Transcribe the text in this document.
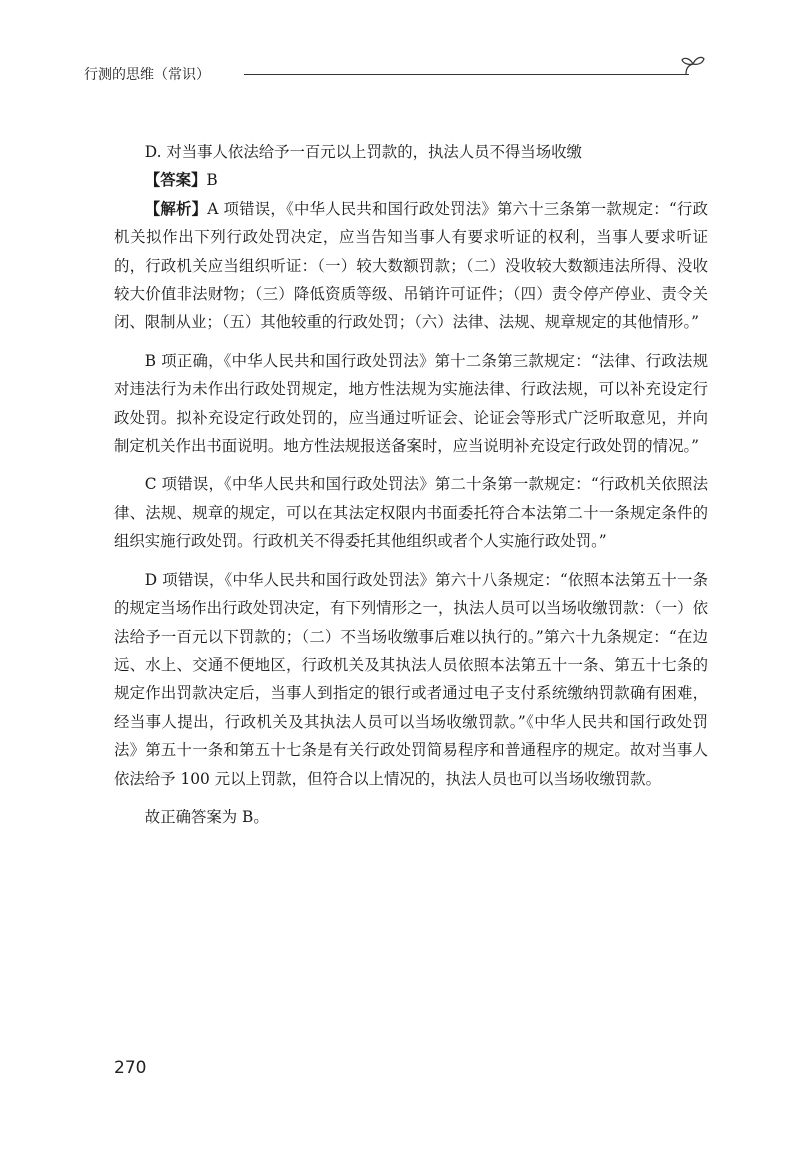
行测的思维（常识）

D. 对当事人依法给予一百元以上罚款的，执法人员不得当场收缴

【答案】B

【解析】A 项错误，《中华人民共和国行政处罚法》第六十三条第一款规定：“行政机关拟作出下列行政处罚决定，应当告知当事人有要求听证的权利，当事人要求听证的，行政机关应当组织听证：（一）较大数额罚款；（二）没收较大数额违法所得、没收较大价值非法财物；（三）降低资质等级、吊销许可证件；（四）责令停产停业、责令关闭、限制从业；（五）其他较重的行政处罚；（六）法律、法规、规章规定的其他情形。”

B 项正确，《中华人民共和国行政处罚法》第十二条第三款规定：“法律、行政法规对违法行为未作出行政处罚规定，地方性法规为实施法律、行政法规，可以补充设定行政处罚。拟补充设定行政处罚的，应当通过听证会、论证会等形式广泛听取意见，并向制定机关作出书面说明。地方性法规报送备案时，应当说明补充设定行政处罚的情况。”

C 项错误，《中华人民共和国行政处罚法》第二十条第一款规定：“行政机关依照法律、法规、规章的规定，可以在其法定权限内书面委托符合本法第二十一条规定条件的组织实施行政处罚。行政机关不得委托其他组织或者个人实施行政处罚。”

D 项错误，《中华人民共和国行政处罚法》第六十八条规定：“依照本法第五十一条的规定当场作出行政处罚决定，有下列情形之一，执法人员可以当场收缴罚款：（一）依法给予一百元以下罚款的；（二）不当场收缴事后难以执行的。”第六十九条规定：“在边远、水上、交通不便地区，行政机关及其执法人员依照本法第五十一条、第五十七条的规定作出罚款决定后，当事人到指定的银行或者通过电子支付系统缴纳罚款确有困难，经当事人提出，行政机关及其执法人员可以当场收缴罚款。”《中华人民共和国行政处罚法》第五十一条和第五十七条是有关行政处罚简易程序和普通程序的规定。故对当事人依法给予 100 元以上罚款，但符合以上情况的，执法人员也可以当场收缴罚款。

故正确答案为 B。

270
